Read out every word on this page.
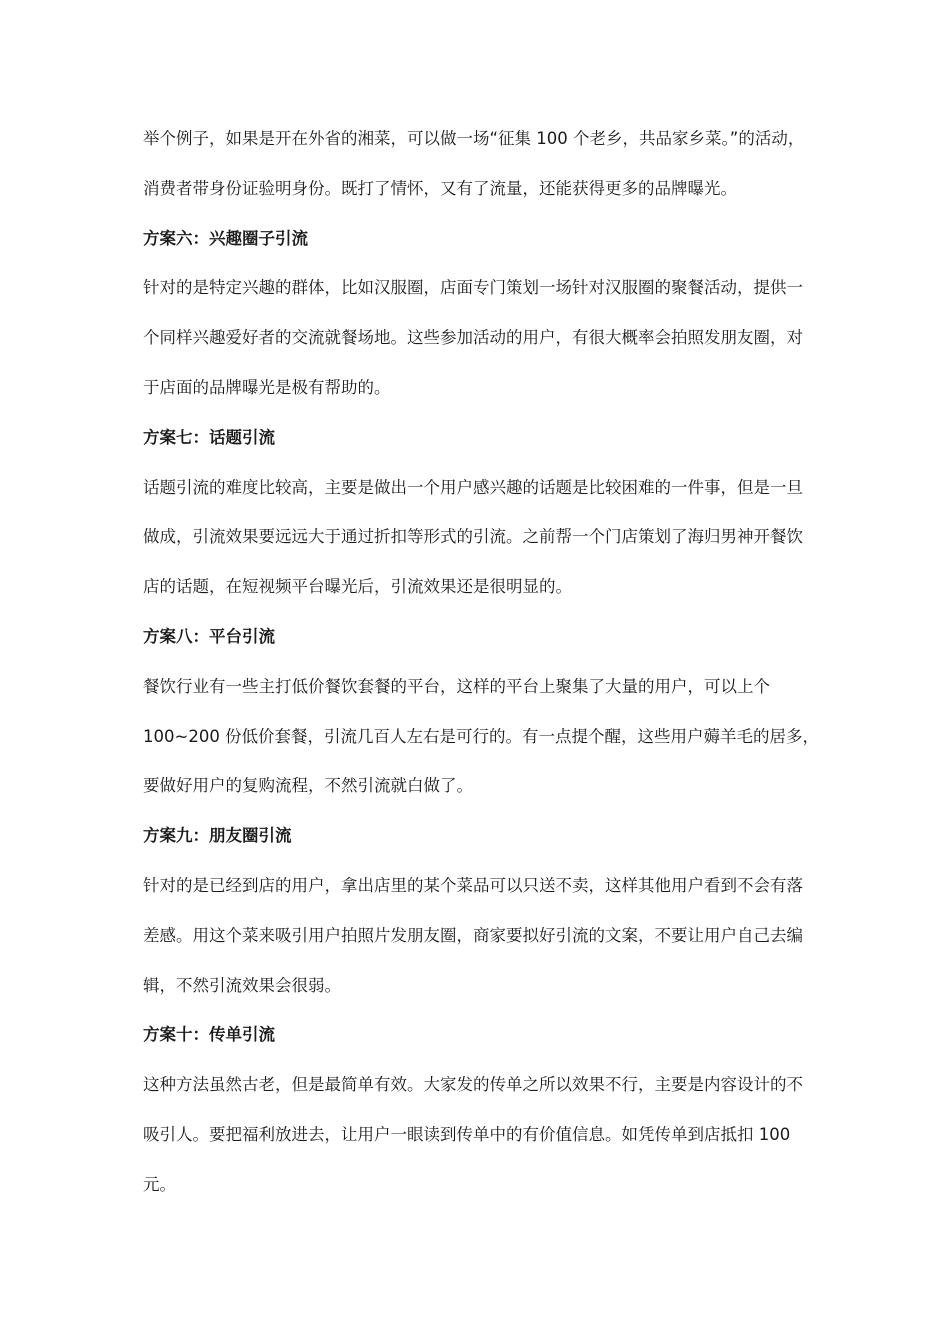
举个例子，如果是开在外省的湘菜，可以做一场“征集 100 个老乡，共品家乡菜。”的活动，
消费者带身份证验明身份。既打了情怀，又有了流量，还能获得更多的品牌曝光。
方案六：兴趣圈子引流
针对的是特定兴趣的群体，比如汉服圈，店面专门策划一场针对汉服圈的聚餐活动，提供一
个同样兴趣爱好者的交流就餐场地。这些参加活动的用户，有很大概率会拍照发朋友圈，对
于店面的品牌曝光是极有帮助的。
方案七：话题引流
话题引流的难度比较高，主要是做出一个用户感兴趣的话题是比较困难的一件事，但是一旦
做成，引流效果要远远大于通过折扣等形式的引流。之前帮一个门店策划了海归男神开餐饮
店的话题，在短视频平台曝光后，引流效果还是很明显的。
方案八：平台引流
餐饮行业有一些主打低价餐饮套餐的平台，这样的平台上聚集了大量的用户，可以上个
100~200 份低价套餐，引流几百人左右是可行的。有一点提个醒，这些用户薅羊毛的居多，
要做好用户的复购流程，不然引流就白做了。
方案九：朋友圈引流
针对的是已经到店的用户，拿出店里的某个菜品可以只送不卖，这样其他用户看到不会有落
差感。用这个菜来吸引用户拍照片发朋友圈，商家要拟好引流的文案，不要让用户自己去编
辑，不然引流效果会很弱。
方案十：传单引流
这种方法虽然古老，但是最简单有效。大家发的传单之所以效果不行，主要是内容设计的不
吸引人。要把福利放进去，让用户一眼读到传单中的有价值信息。如凭传单到店抵扣 100
元。
